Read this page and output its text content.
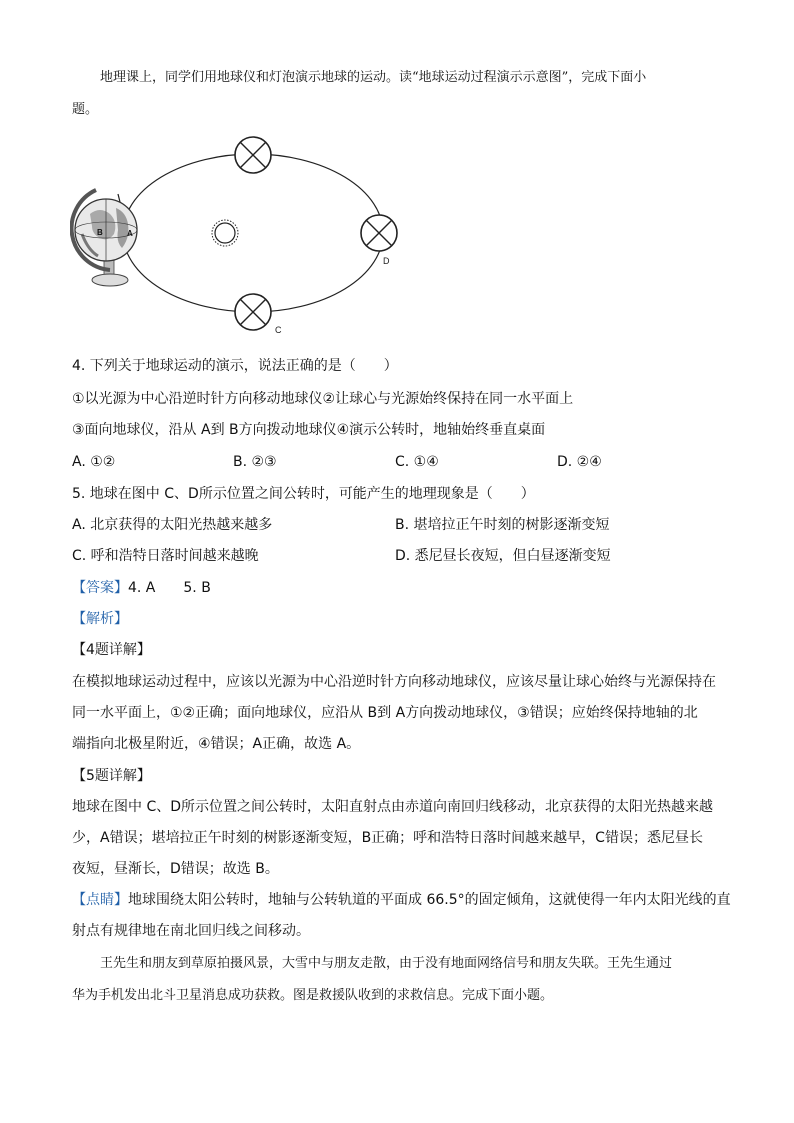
地理课上，同学们用地球仪和灯泡演示地球的运动。读“地球运动过程演示示意图”，完成下面小
题。
D
C
B	A
4. 下列关于地球运动的演示，说法正确的是（　　）
①以光源为中心沿逆时针方向移动地球仪②让球心与光源始终保持在同一水平面上
③面向地球仪，沿从 A到 B方向拨动地球仪④演示公转时，地轴始终垂直桌面
A. ①②	B. ②③	C. ①④	D. ②④
5. 地球在图中 C、D所示位置之间公转时，可能产生的地理现象是（　　）
A. 北京获得的太阳光热越来越多	B. 堪培拉正午时刻的树影逐渐变短
C. 呼和浩特日落时间越来越晚	D. 悉尼昼长夜短，但白昼逐渐变短
【答案】4. A　　5. B
【解析】
【4题详解】
在模拟地球运动过程中，应该以光源为中心沿逆时针方向移动地球仪，应该尽量让球心始终与光源保持在
同一水平面上，①②正确；面向地球仪，应沿从 B到 A方向拨动地球仪，③错误；应始终保持地轴的北
端指向北极星附近，④错误；A正确，故选 A。
【5题详解】
地球在图中 C、D所示位置之间公转时，太阳直射点由赤道向南回归线移动，北京获得的太阳光热越来越
少，A错误；堪培拉正午时刻的树影逐渐变短，B正确；呼和浩特日落时间越来越早，C错误；悉尼昼长
夜短，昼渐长，D错误；故选 B。
【点睛】地球围绕太阳公转时，地轴与公转轨道的平面成 66.5°的固定倾角，这就使得一年内太阳光线的直
射点有规律地在南北回归线之间移动。
王先生和朋友到草原拍摄风景，大雪中与朋友走散，由于没有地面网络信号和朋友失联。王先生通过
华为手机发出北斗卫星消息成功获救。图是救援队收到的求救信息。完成下面小题。
